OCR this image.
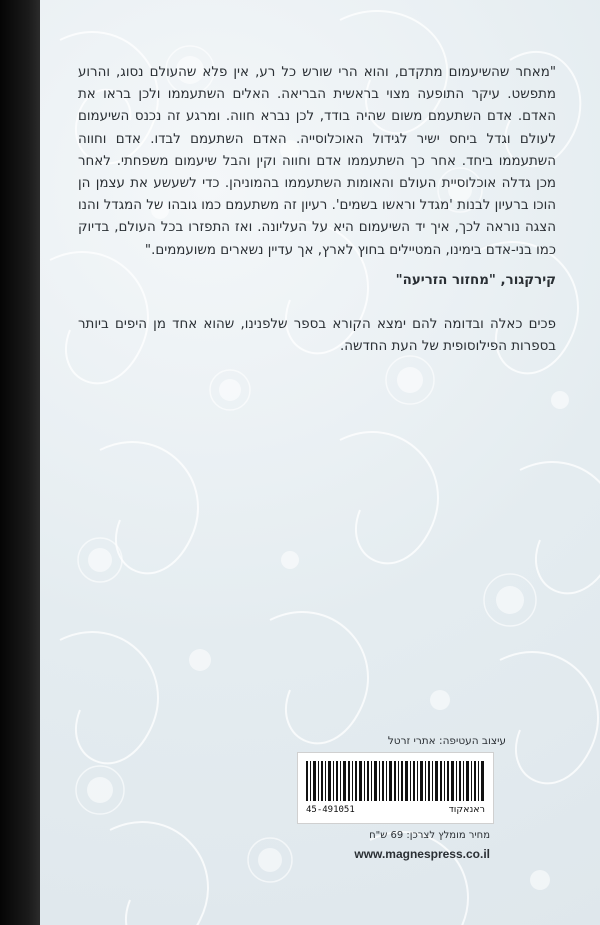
"מאחר שהשיעמום מתקדם, והוא הרי שורש כל רע, אין פלא שהעולם נסוג, והרוע מתפשט. עיקר התופעה מצוי בראשית הבריאה. האלים השתעממו ולכן בראו את האדם. אדם השתעמם משום שהיה בודד, לכן נברא חווה. ומרגע זה נכנס השיעמום לעולם וגדל ביחס ישיר לגידול האוכלוסייה. האדם השתעמם לבדו. אדם וחווה השתעממו ביחד. אחר כך השתעממו אדם וחווה וקין והבל שיעמום משפחתי. לאחר מכן גדלה אוכלוסיית העולם והאומות השתעממו בהמוניהן. כדי לשעשע את עצמן הן הוכו ברעיון לבנות 'מגדל וראשו בשמים'. רעיון זה משתעמם כמו גובהו של המגדל והנו הצגה נוראה לכך, איך יד השיעמום היא על העליונה. ואז התפזרו בכל העולם, בדיוק כמו בני-אדם בימינו, המטיילים בחוץ לארץ, אך עדיין נשארים משועממים."

קירקגור, "מחזור הזריעה"

פכים כאלה ובדומה להם ימצא הקורא בספר שלפנינו, שהוא אחד מן היפים ביותר בספרות הפילוסופית של העת החדשה.

עיצוב העטיפה: אתרי זרטל
45-491051	ראנאקוד
מחיר מומלץ לצרכן: 69 ש"ח
www.magnespress.co.il
